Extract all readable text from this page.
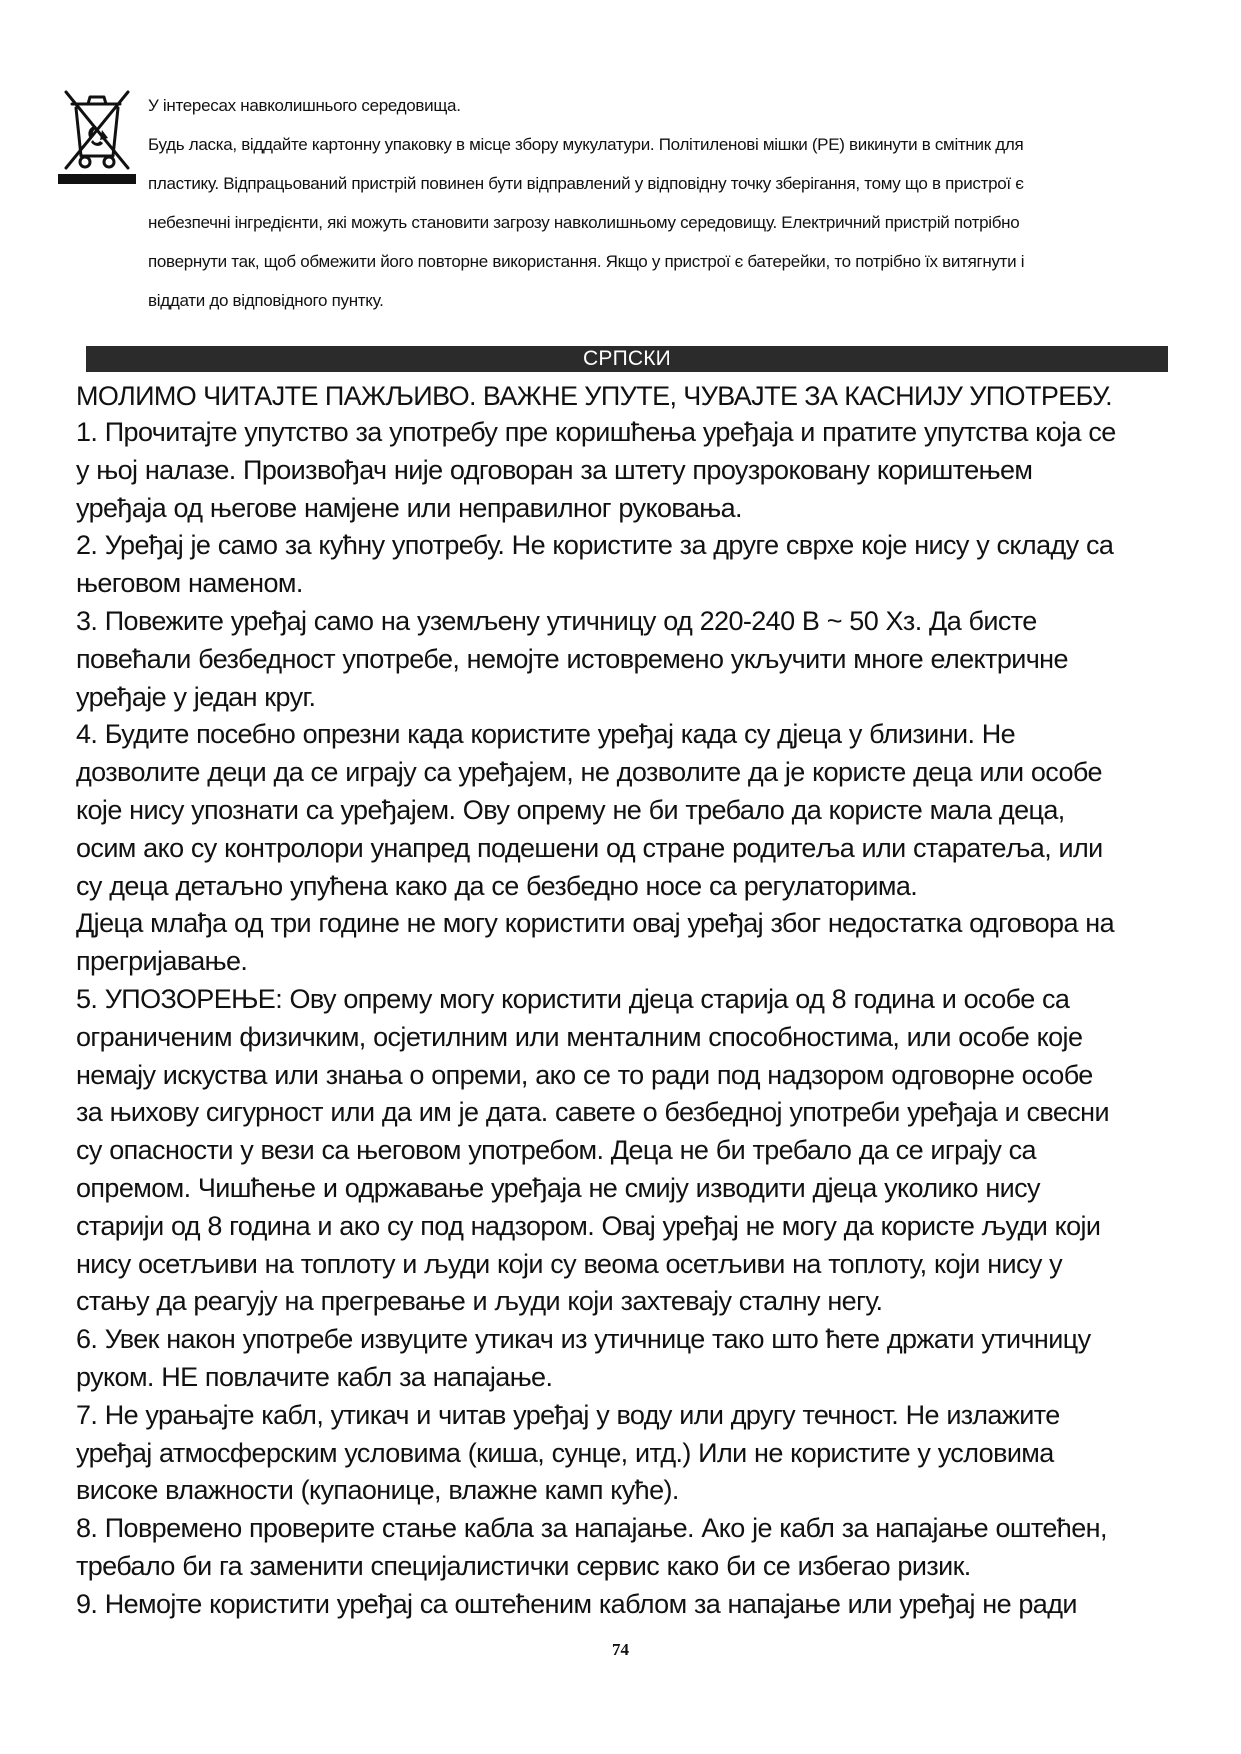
У інтересах навколишнього середовища.

Будь ласка, віддайте картонну упаковку в місце збору мукулатури. Політиленові мішки (PE) викинути в смітник для

пластику. Відпрацьований пристрій повинен бути відправлений у відповідну точку зберігання, тому що в пристрої є

небезпечні інгредієнти, які можуть становити загрозу навколишньому середовищу. Електричний пристрій потрібно

повернути так, щоб обмежити його повторне використання. Якщо у пристрої є батерейки, то потрібно їх витягнути і

віддати до відповідного пунтку.

СРПСКИ
МОЛИМО ЧИТАЈТЕ ПАЖЉИВО. ВАЖНЕ УПУТЕ, ЧУВАЈТЕ ЗА КАСНИЈУ УПОТРЕБУ.

1. Прочитајте упутство за употребу пре коришћења уређаја и пратите упутства која се

у њој налазе. Произвођач није одговоран за штету проузроковану кориштењем

уређаја од његове намјене или неправилног руковања.

2. Уређај је само за кућну употребу. Не користите за друге сврхе које нису у складу са

његовом наменом.

3. Повежите уређај само на уземљену утичницу од 220-240 В ~ 50 Хз. Да бисте

повећали безбедност употребе, немојте истовремено укључити многе електричне

уређаје у један круг.

4. Будите посебно опрезни када користите уређај када су дјеца у близини. Не

дозволите деци да се играју са уређајем, не дозволите да је користе деца или особе

које нису упознати са уређајем. Ову опрему не би требало да користе мала деца,

осим ако су контролори унапред подешени од стране родитеља или старатеља, или

су деца детаљно упућена како да се безбедно носе са регулаторима.

Дјеца млађа од три године не могу користити овај уређај због недостатка одговора на

прегријавање.

5. УПОЗОРЕЊЕ: Ову опрему могу користити дјеца старија од 8 година и особе са

ограниченим физичким, осјетилним или менталним способностима, или особе које

немају искуства или знања о опреми, ако се то ради под надзором одговорне особе

за њихову сигурност или да им је дата. савете о безбедној употреби уређаја и свесни

су опасности у вези са његовом употребом. Деца не би требало да се играју са

опремом. Чишћење и одржавање уређаја не смију изводити дјеца уколико нису

старији од 8 година и ако су под надзором. Овај уређај не могу да користе људи који

нису осетљиви на топлоту и људи који су веома осетљиви на топлоту, који нису у

стању да реагују на прегревање и људи који захтевају сталну негу.

6. Увек након употребе извуците утикач из утичнице тако што ћете држати утичницу

руком. НЕ повлачите кабл за напајање.

7. Не урањајте кабл, утикач и читав уређај у воду или другу течност. Не излажите

уређај атмосферским условима (киша, сунце, итд.) Или не користите у условима

високе влажности (купаонице, влажне камп куће).

8. Повремено проверите стање кабла за напајање. Ако је кабл за напајање оштећен,

требало би га заменити специјалистички сервис како би се избегао ризик.

9. Немојте користити уређај са оштећеним каблом за напајање или уређај не ради

74
